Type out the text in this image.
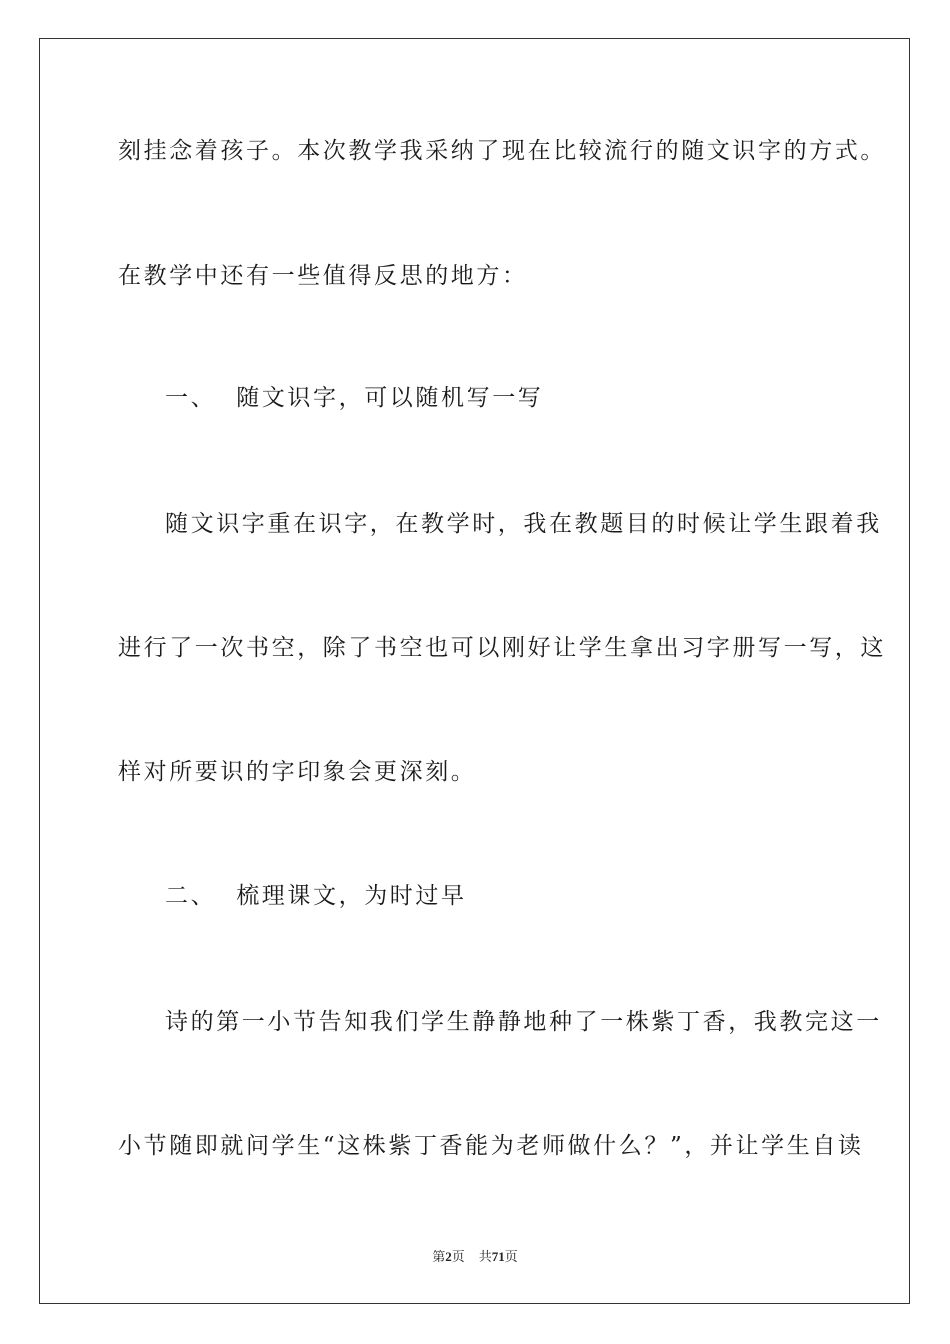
刻挂念着孩子。本次教学我采纳了现在比较流行的随文识字的方式。
在教学中还有一些值得反思的地方：
一、 随文识字，可以随机写一写
随文识字重在识字，在教学时，我在教题目的时候让学生跟着我
进行了一次书空，除了书空也可以刚好让学生拿出习字册写一写，这
样对所要识的字印象会更深刻。
二、 梳理课文，为时过早
诗的第一小节告知我们学生静静地种了一株紫丁香，我教完这一
小节随即就问学生“这株紫丁香能为老师做什么？”，并让学生自读
第2页 共71页
